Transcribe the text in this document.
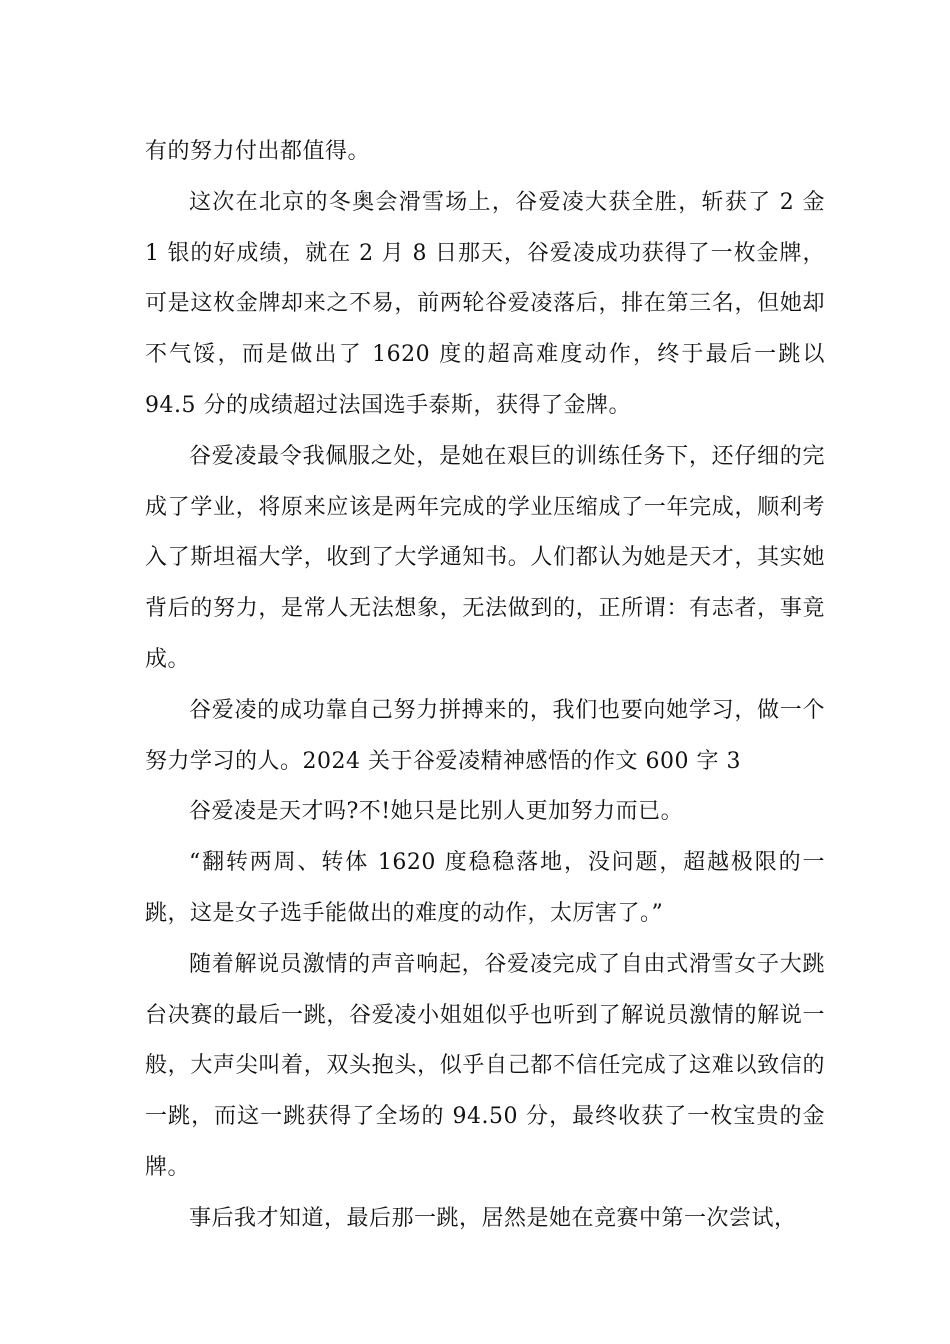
有的努力付出都值得。

这次在北京的冬奥会滑雪场上，谷爱凌大获全胜，斩获了 2 金 1 银的好成绩，就在 2 月 8 日那天，谷爱凌成功获得了一枚金牌，可是这枚金牌却来之不易，前两轮谷爱凌落后，排在第三名，但她却不气馁，而是做出了 1620 度的超高难度动作，终于最后一跳以 94.5 分的成绩超过法国选手泰斯，获得了金牌。

谷爱凌最令我佩服之处，是她在艰巨的训练任务下，还仔细的完成了学业，将原来应该是两年完成的学业压缩成了一年完成，顺利考入了斯坦福大学，收到了大学通知书。人们都认为她是天才，其实她背后的努力，是常人无法想象，无法做到的，正所谓：有志者，事竟成。

谷爱凌的成功靠自己努力拼搏来的，我们也要向她学习，做一个努力学习的人。2024 关于谷爱凌精神感悟的作文 600 字 3

谷爱凌是天才吗?不!她只是比别人更加努力而已。

“翻转两周、转体 1620 度稳稳落地，没问题，超越极限的一跳，这是女子选手能做出的难度的动作，太厉害了。”

随着解说员激情的声音响起，谷爱凌完成了自由式滑雪女子大跳台决赛的最后一跳，谷爱凌小姐姐似乎也听到了解说员激情的解说一般，大声尖叫着，双头抱头，似乎自己都不信任完成了这难以致信的一跳，而这一跳获得了全场的 94.50 分，最终收获了一枚宝贵的金牌。

事后我才知道，最后那一跳，居然是她在竞赛中第一次尝试，
